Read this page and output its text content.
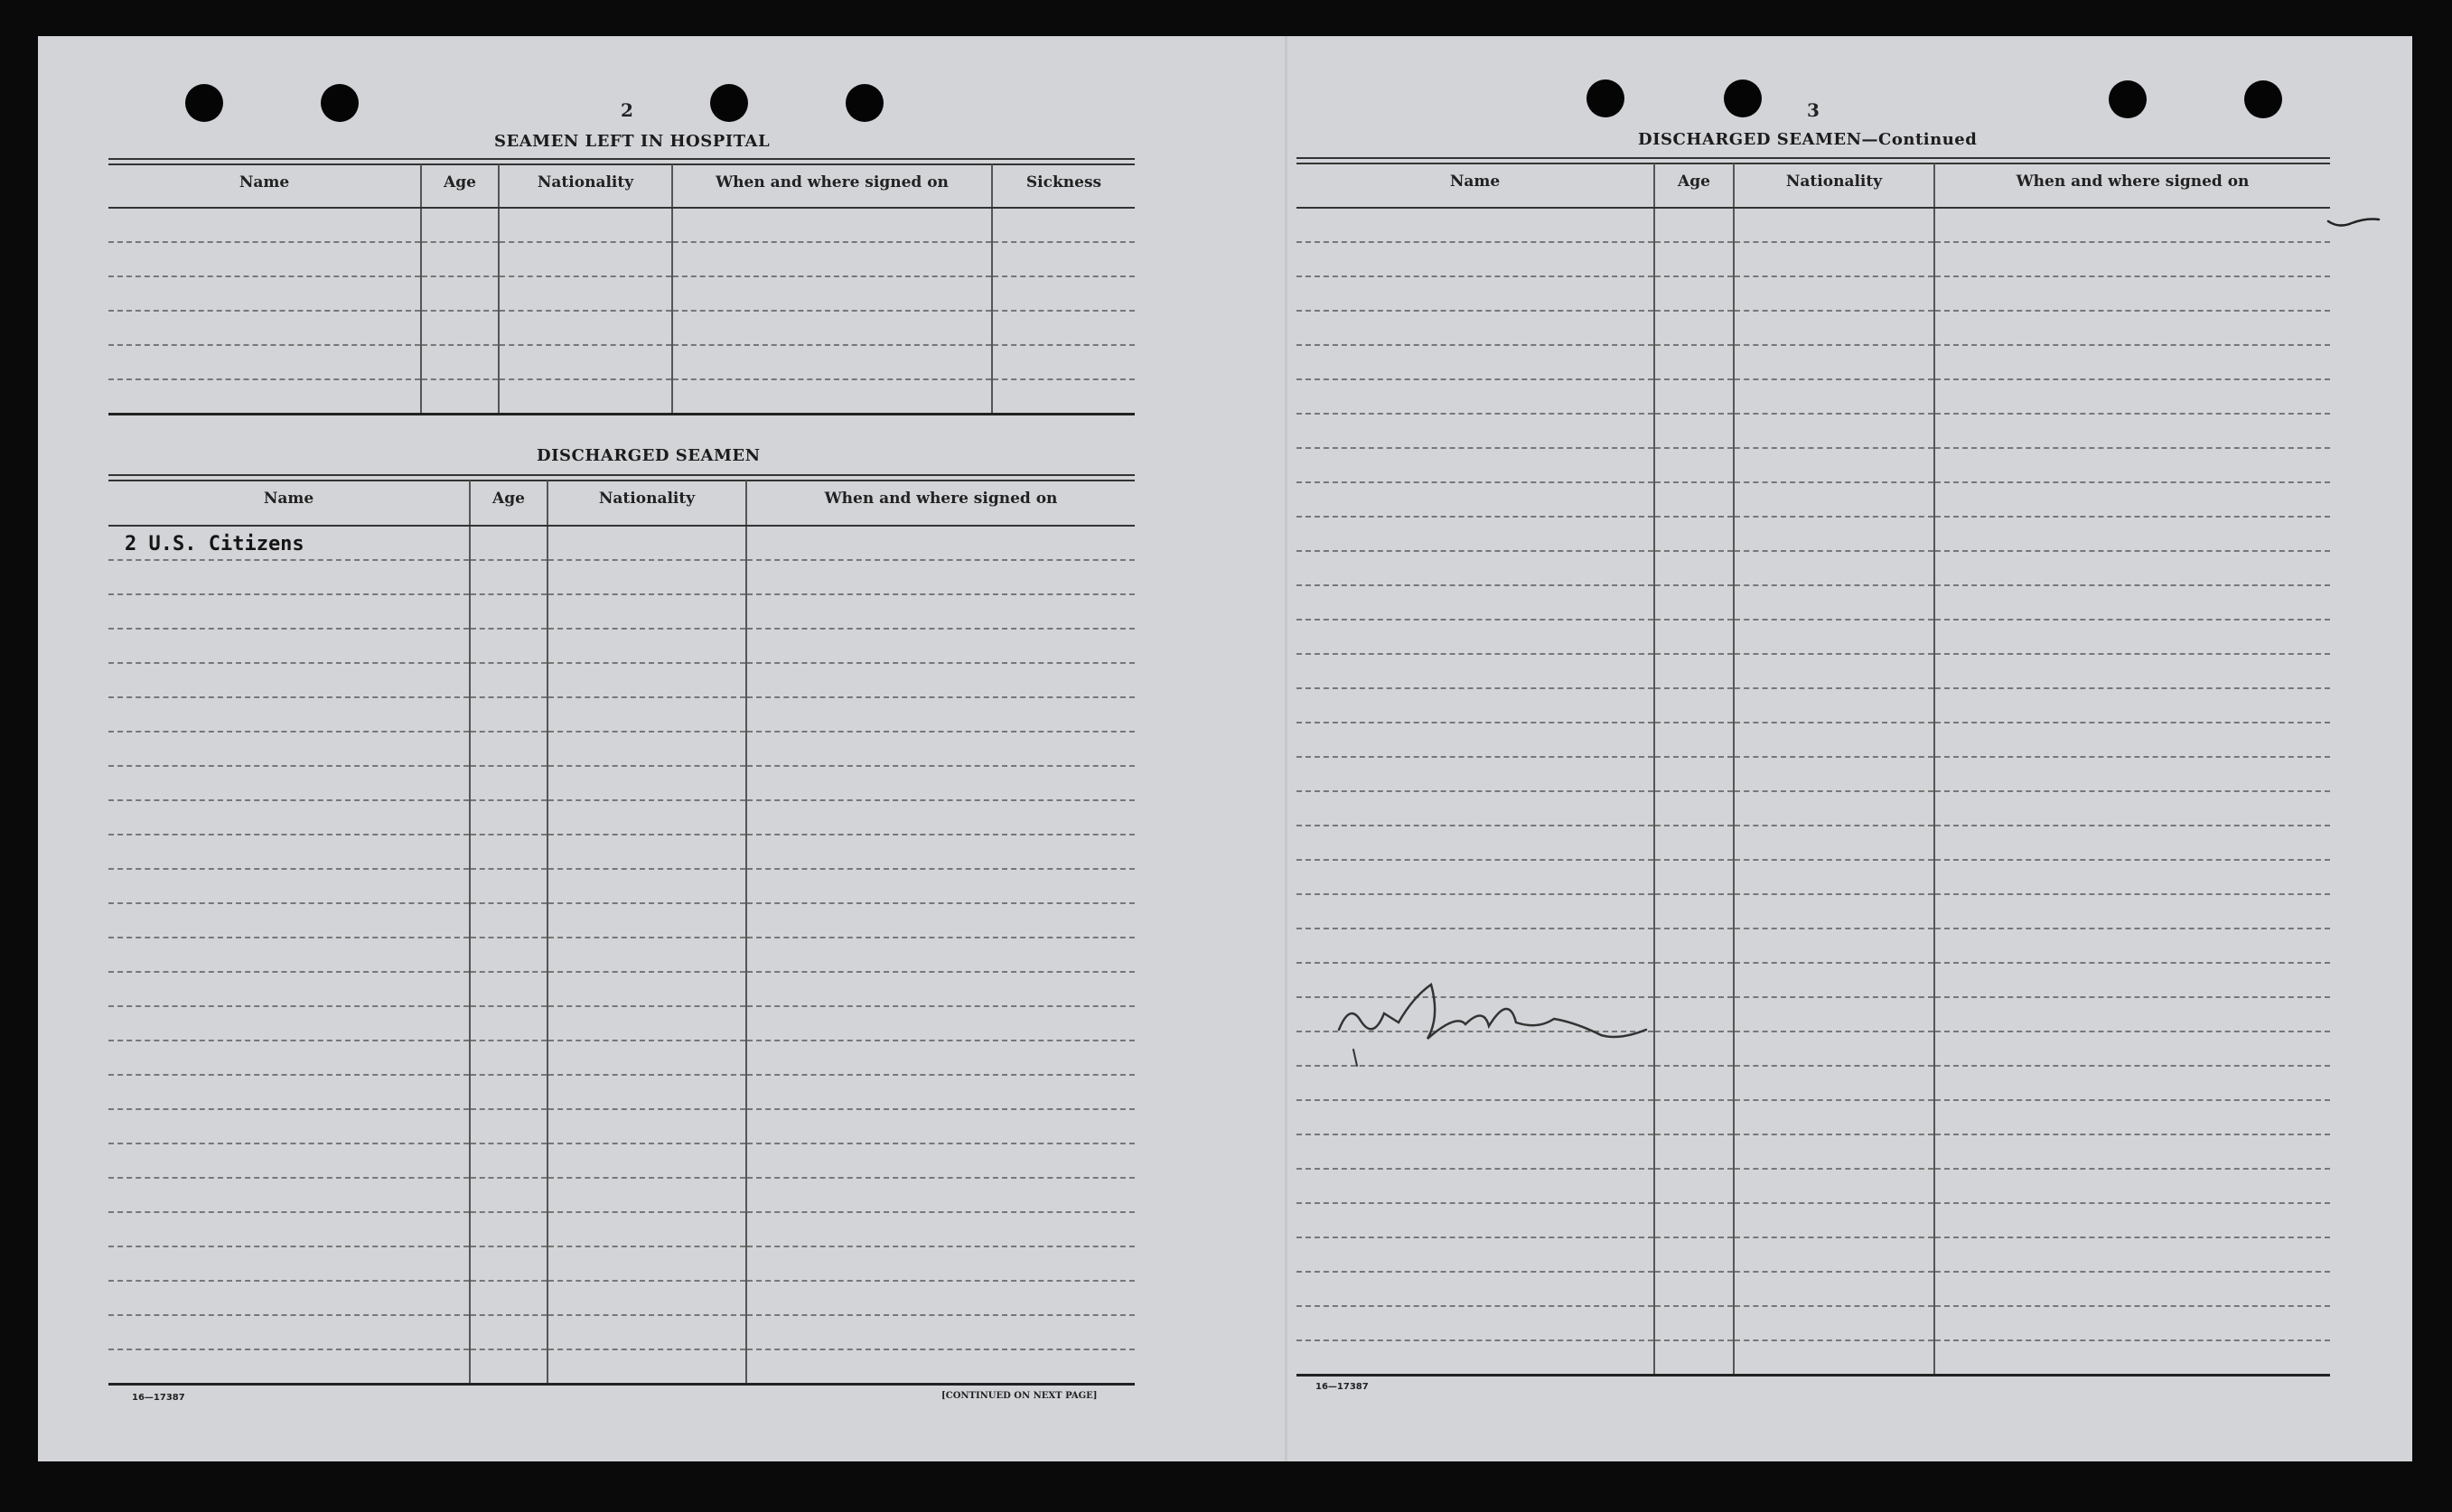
2
SEAMEN LEFT IN HOSPITAL
Name	Age	Nationality	When and where signed on	Sickness

DISCHARGED SEAMEN
Name	Age	Nationality	When and where signed on
2 U.S. Citizens			

16—17387	[CONTINUED ON NEXT PAGE]
3
DISCHARGED SEAMEN—Continued
Name	Age	Nationality	When and where signed on

16—17387
